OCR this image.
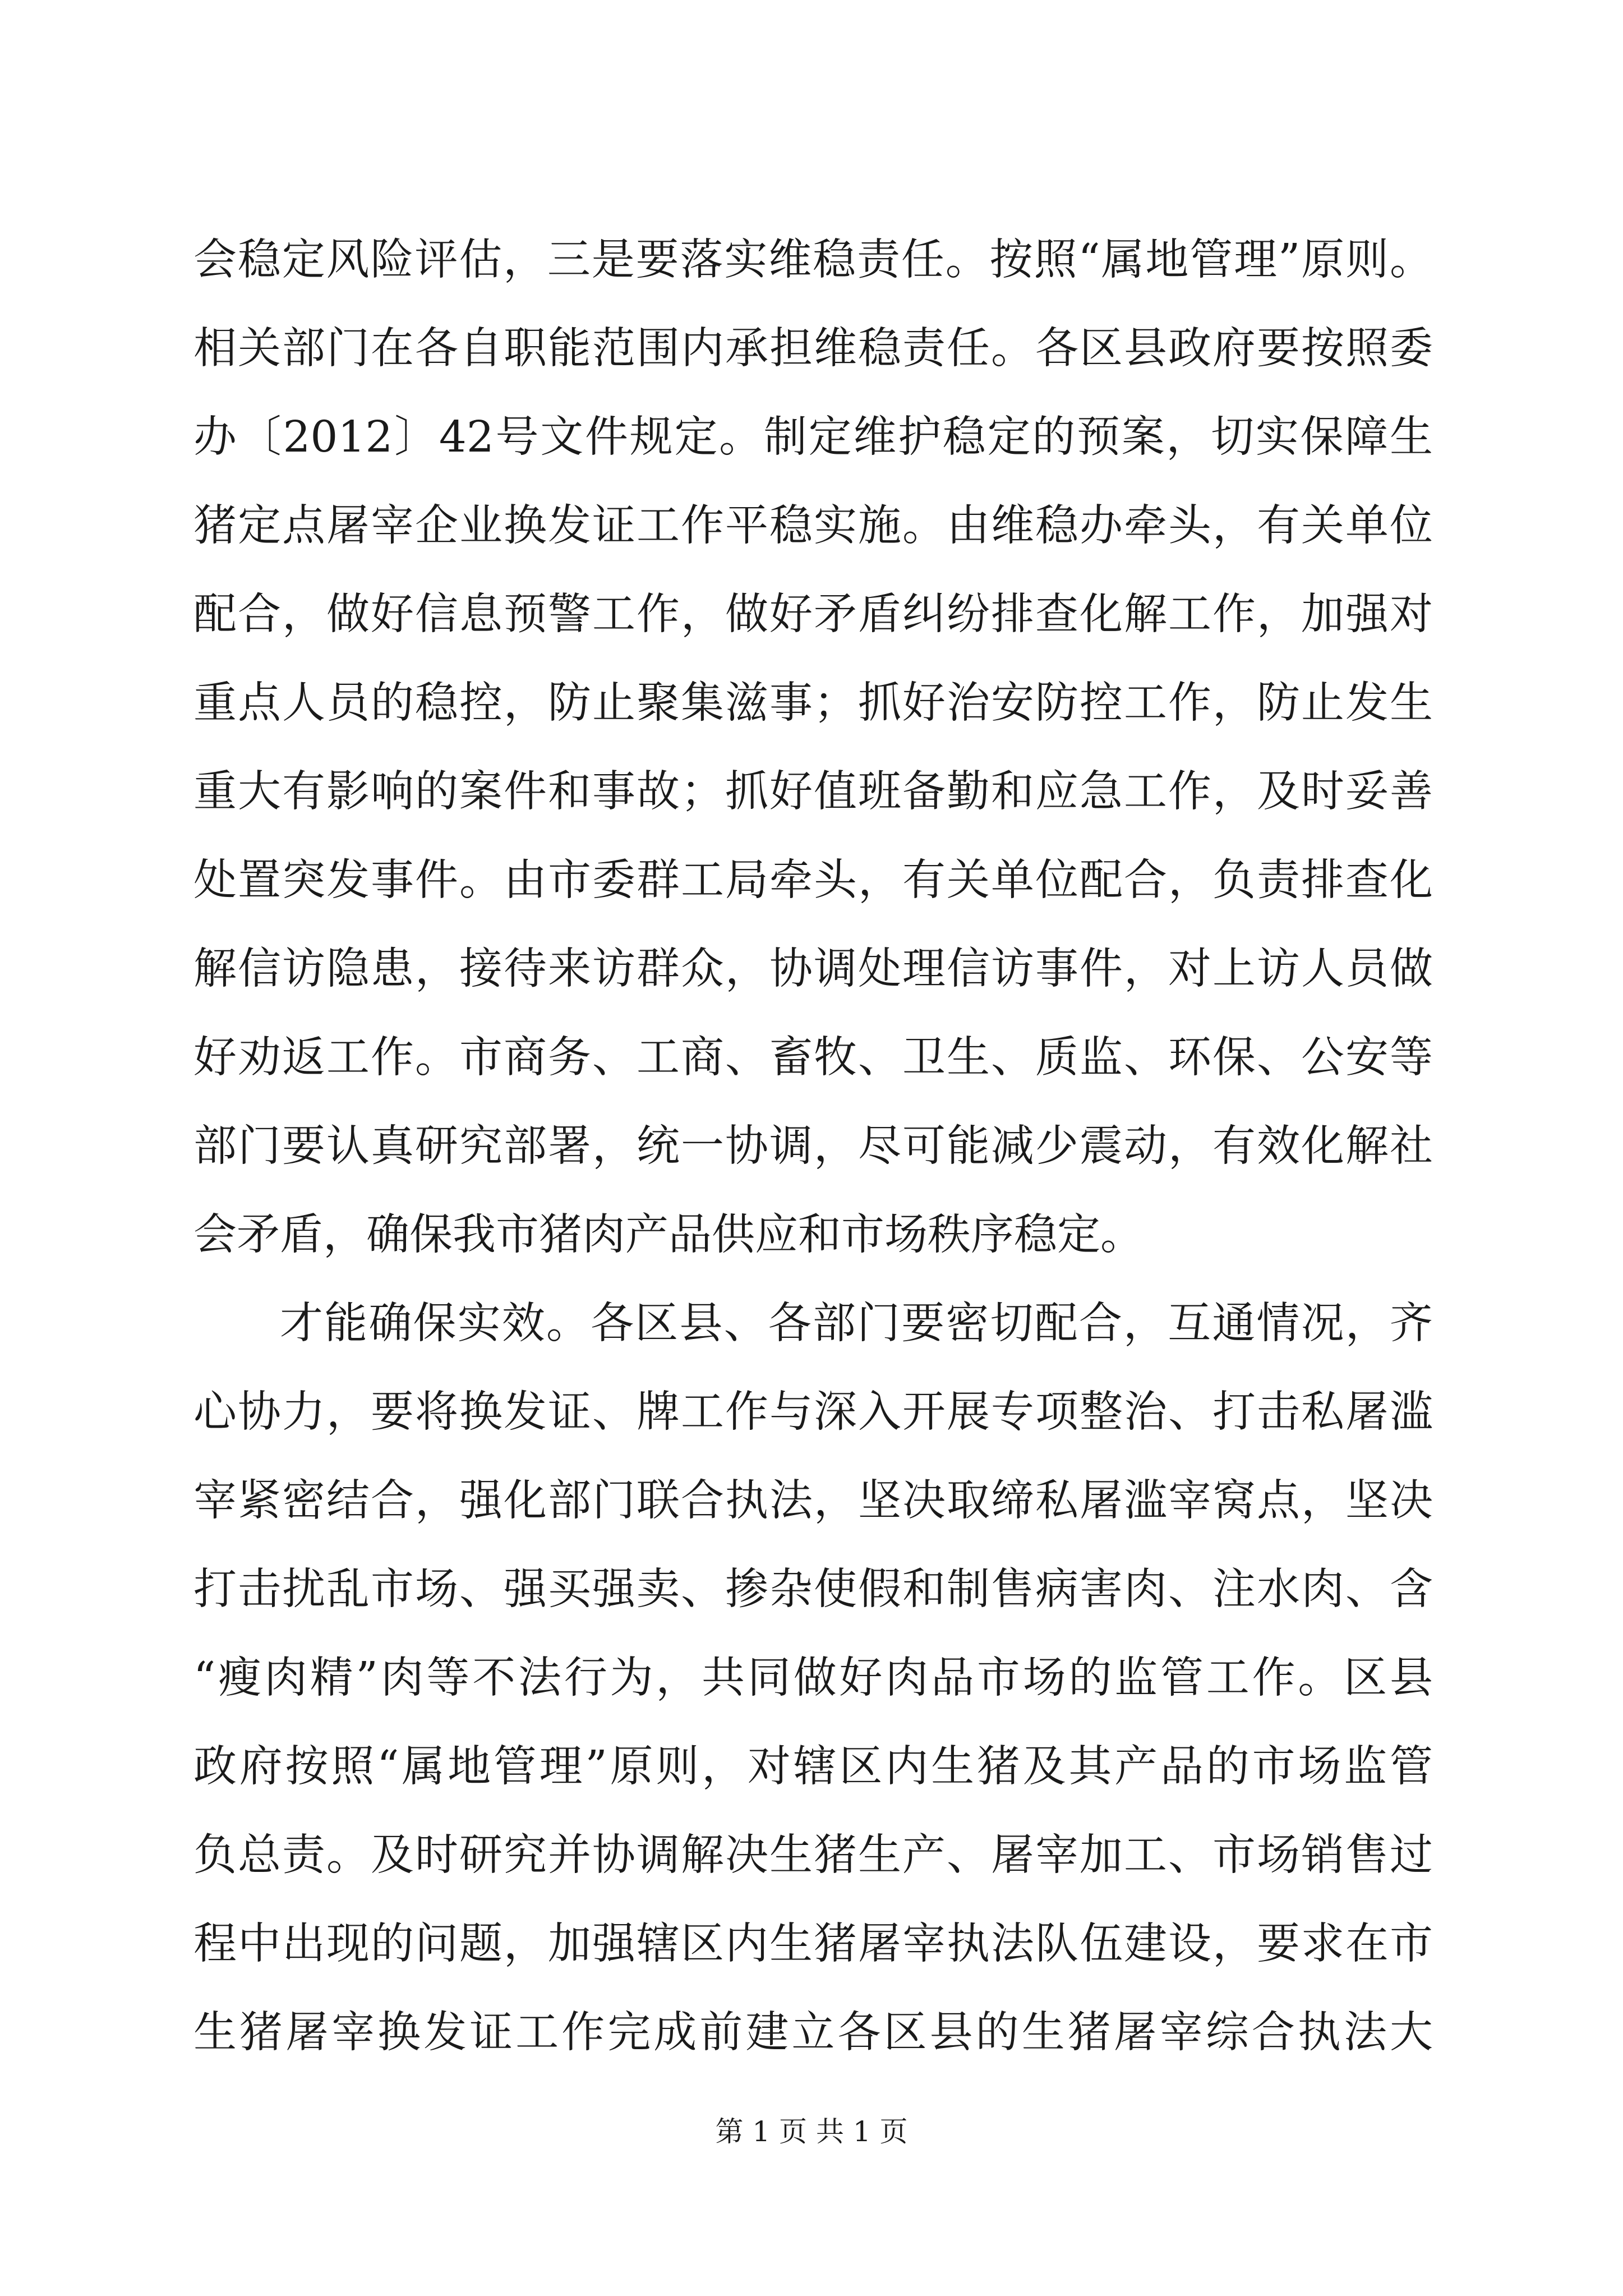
会稳定风险评估，三是要落实维稳责任。按照“属地管理”原则。
相关部门在各自职能范围内承担维稳责任。各区县政府要按照委
办〔2012〕42号文件规定。制定维护稳定的预案，切实保障生
猪定点屠宰企业换发证工作平稳实施。由维稳办牵头，有关单位
配合，做好信息预警工作，做好矛盾纠纷排查化解工作，加强对
重点人员的稳控，防止聚集滋事；抓好治安防控工作，防止发生
重大有影响的案件和事故；抓好值班备勤和应急工作，及时妥善
处置突发事件。由市委群工局牵头，有关单位配合，负责排查化
解信访隐患，接待来访群众，协调处理信访事件，对上访人员做
好劝返工作。市商务、工商、畜牧、卫生、质监、环保、公安等
部门要认真研究部署，统一协调，尽可能减少震动，有效化解社
会矛盾，确保我市猪肉产品供应和市场秩序稳定。
才能确保实效。各区县、各部门要密切配合，互通情况，齐
心协力，要将换发证、牌工作与深入开展专项整治、打击私屠滥
宰紧密结合，强化部门联合执法，坚决取缔私屠滥宰窝点，坚决
打击扰乱市场、强买强卖、掺杂使假和制售病害肉、注水肉、含
“瘦肉精”肉等不法行为，共同做好肉品市场的监管工作。区县
政府按照“属地管理”原则，对辖区内生猪及其产品的市场监管
负总责。及时研究并协调解决生猪生产、屠宰加工、市场销售过
程中出现的问题，加强辖区内生猪屠宰执法队伍建设，要求在市
生猪屠宰换发证工作完成前建立各区县的生猪屠宰综合执法大
第 1 页 共 1 页
